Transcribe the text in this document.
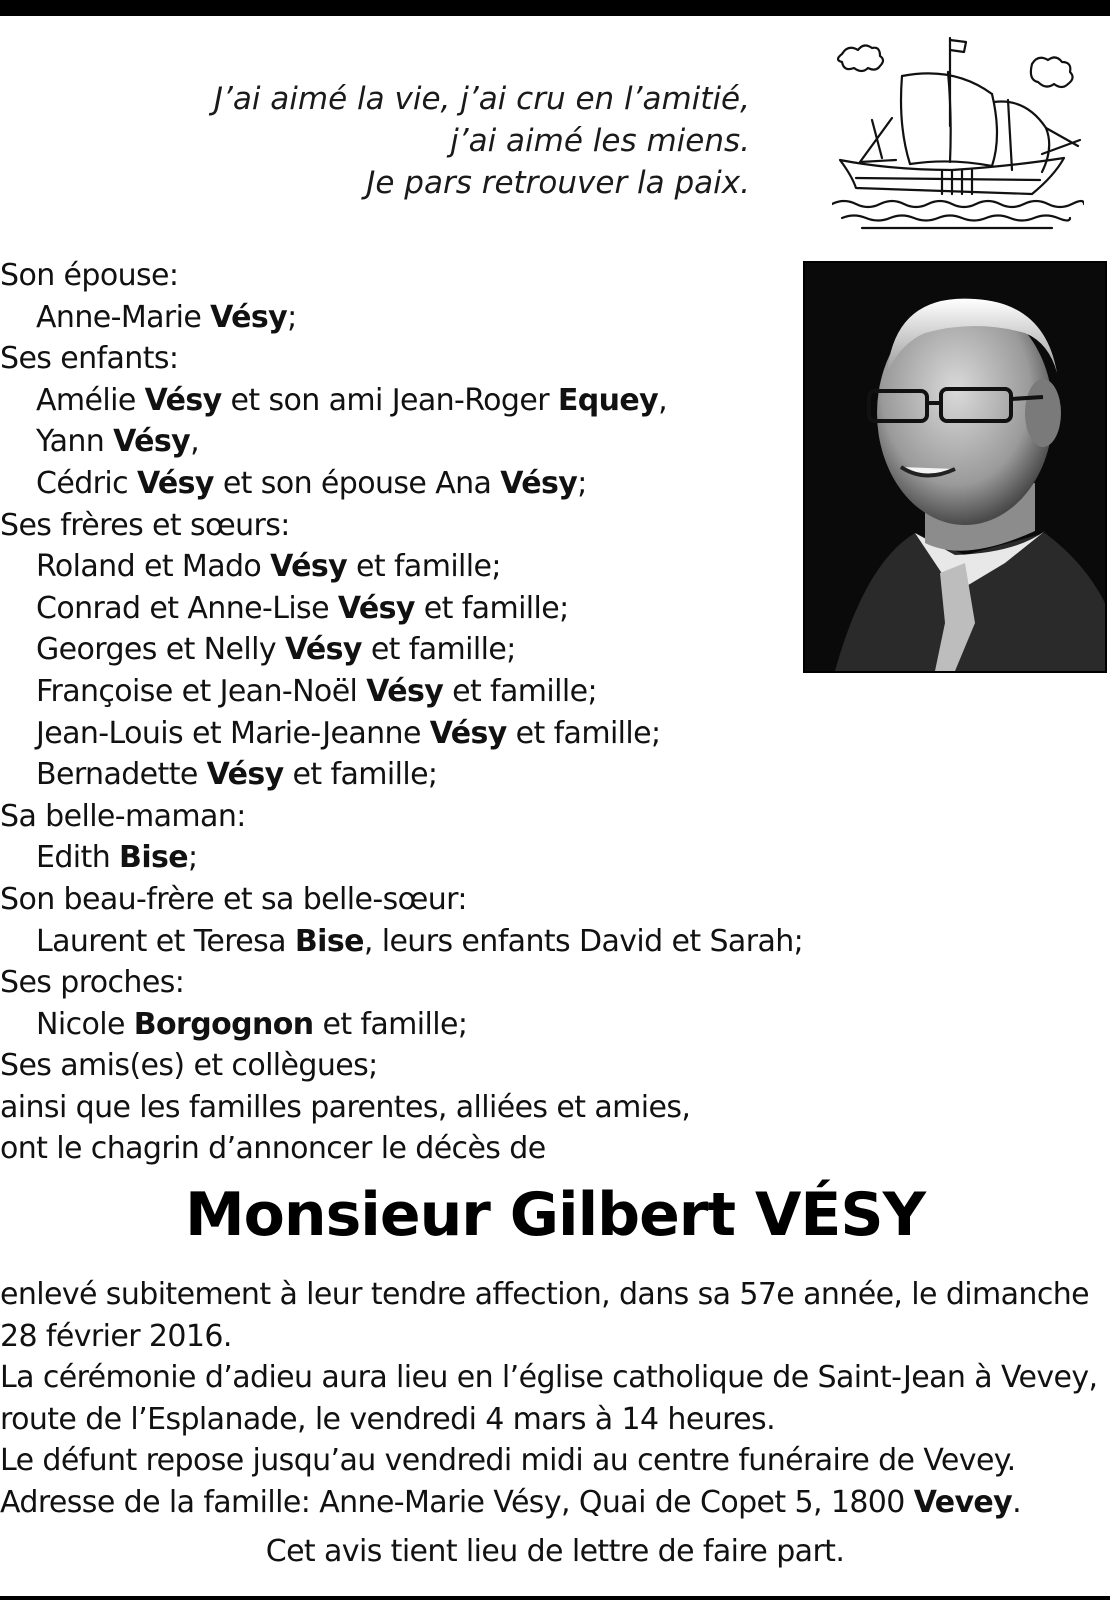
J’ai aimé la vie, j’ai cru en l’amitié,
j’ai aimé les miens.
Je pars retrouver la paix.
Son épouse:
Anne-Marie Vésy;
Ses enfants:
Amélie Vésy et son ami Jean-Roger Equey,
Yann Vésy,
Cédric Vésy et son épouse Ana Vésy;
Ses frères et sœurs:
Roland et Mado Vésy et famille;
Conrad et Anne-Lise Vésy et famille;
Georges et Nelly Vésy et famille;
Françoise et Jean-Noël Vésy et famille;
Jean-Louis et Marie-Jeanne Vésy et famille;
Bernadette Vésy et famille;
Sa belle-maman:
Edith Bise;
Son beau-frère et sa belle-sœur:
Laurent et Teresa Bise, leurs enfants David et Sarah;
Ses proches:
Nicole Borgognon et famille;
Ses amis(es) et collègues;
ainsi que les familles parentes, alliées et amies,
ont le chagrin d’annoncer le décès de
Monsieur Gilbert VÉSY
enlevé subitement à leur tendre affection, dans sa 57e année, le dimanche
28 février 2016.
La cérémonie d’adieu aura lieu en l’église catholique de Saint-Jean à Vevey,
route de l’Esplanade, le vendredi 4 mars à 14 heures.
Le défunt repose jusqu’au vendredi midi au centre funéraire de Vevey.
Adresse de la famille: Anne-Marie Vésy, Quai de Copet 5, 1800 Vevey.
Cet avis tient lieu de lettre de faire part.
